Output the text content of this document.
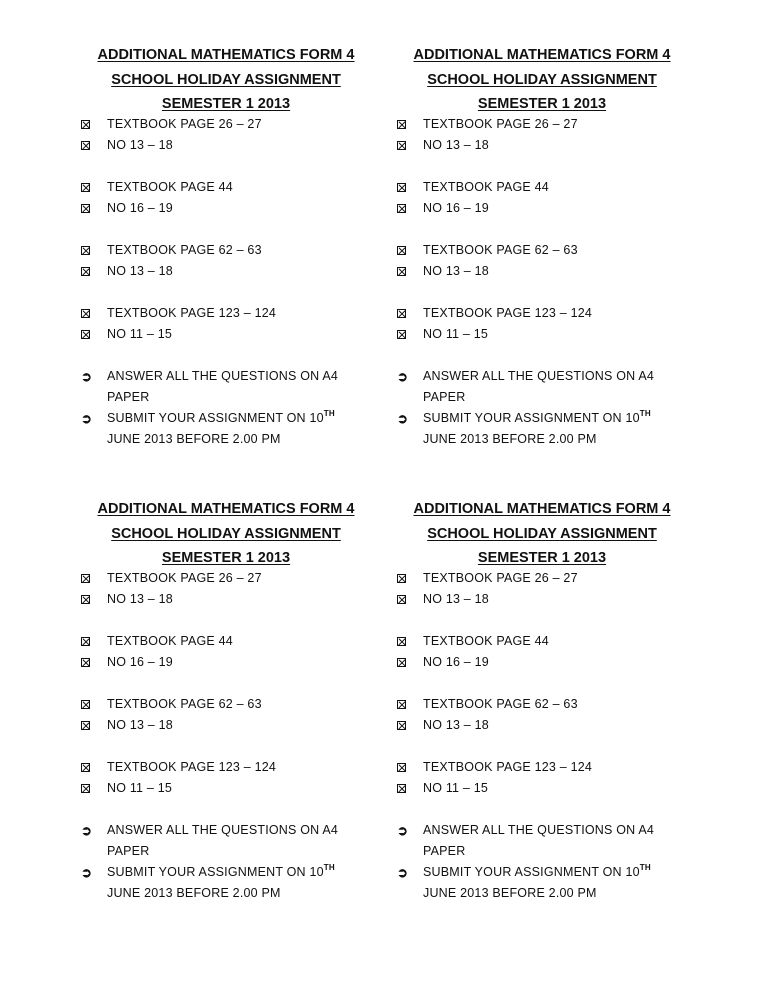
ADDITIONAL MATHEMATICS FORM 4

SCHOOL HOLIDAY ASSIGNMENT

SEMESTER 1 2013

TEXTBOOK PAGE 26 – 27
NO 13 – 18
TEXTBOOK PAGE 44
NO 16 – 19
TEXTBOOK PAGE 62 – 63
NO 13 – 18
TEXTBOOK PAGE 123 – 124
NO 11 – 15
➲	ANSWER ALL THE QUESTIONS ON A4
PAPER
➲	SUBMIT YOUR ASSIGNMENT ON 10TH
JUNE 2013 BEFORE 2.00 PM

ADDITIONAL MATHEMATICS FORM 4

SCHOOL HOLIDAY ASSIGNMENT

SEMESTER 1 2013

TEXTBOOK PAGE 26 – 27
NO 13 – 18
TEXTBOOK PAGE 44
NO 16 – 19
TEXTBOOK PAGE 62 – 63
NO 13 – 18
TEXTBOOK PAGE 123 – 124
NO 11 – 15
➲	ANSWER ALL THE QUESTIONS ON A4
PAPER
➲	SUBMIT YOUR ASSIGNMENT ON 10TH
JUNE 2013 BEFORE 2.00 PM

ADDITIONAL MATHEMATICS FORM 4

SCHOOL HOLIDAY ASSIGNMENT

SEMESTER 1 2013

TEXTBOOK PAGE 26 – 27
NO 13 – 18
TEXTBOOK PAGE 44
NO 16 – 19
TEXTBOOK PAGE 62 – 63
NO 13 – 18
TEXTBOOK PAGE 123 – 124
NO 11 – 15
➲	ANSWER ALL THE QUESTIONS ON A4
PAPER
➲	SUBMIT YOUR ASSIGNMENT ON 10TH
JUNE 2013 BEFORE 2.00 PM

ADDITIONAL MATHEMATICS FORM 4

SCHOOL HOLIDAY ASSIGNMENT

SEMESTER 1 2013

TEXTBOOK PAGE 26 – 27
NO 13 – 18
TEXTBOOK PAGE 44
NO 16 – 19
TEXTBOOK PAGE 62 – 63
NO 13 – 18
TEXTBOOK PAGE 123 – 124
NO 11 – 15
➲	ANSWER ALL THE QUESTIONS ON A4
PAPER
➲	SUBMIT YOUR ASSIGNMENT ON 10TH
JUNE 2013 BEFORE 2.00 PM
